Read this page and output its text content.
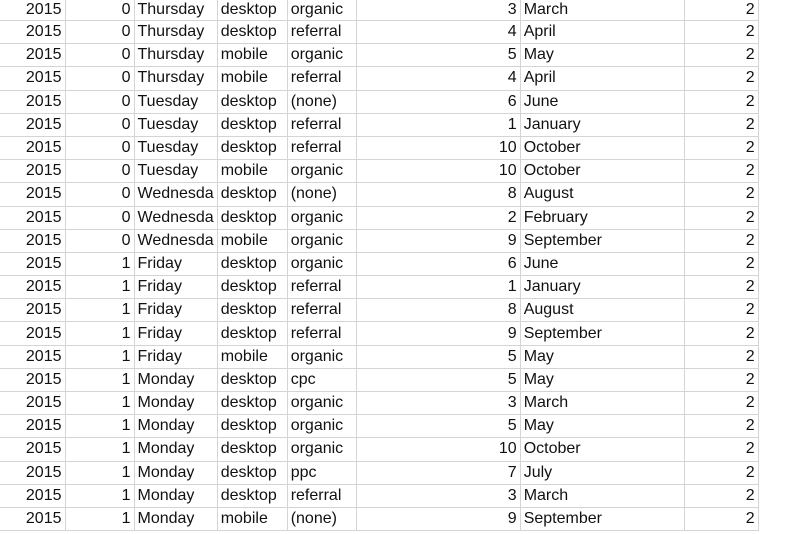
2015	0	Thursday	desktop	organic	3	March	2
2015	0	Thursday	desktop	referral	4	April	2
2015	0	Thursday	mobile	organic	5	May	2
2015	0	Thursday	mobile	referral	4	April	2
2015	0	Tuesday	desktop	(none)	6	June	2
2015	0	Tuesday	desktop	referral	1	January	2
2015	0	Tuesday	desktop	referral	10	October	2
2015	0	Tuesday	mobile	organic	10	October	2
2015	0	Wednesda	desktop	(none)	8	August	2
2015	0	Wednesda	desktop	organic	2	February	2
2015	0	Wednesda	mobile	organic	9	September	2
2015	1	Friday	desktop	organic	6	June	2
2015	1	Friday	desktop	referral	1	January	2
2015	1	Friday	desktop	referral	8	August	2
2015	1	Friday	desktop	referral	9	September	2
2015	1	Friday	mobile	organic	5	May	2
2015	1	Monday	desktop	cpc	5	May	2
2015	1	Monday	desktop	organic	3	March	2
2015	1	Monday	desktop	organic	5	May	2
2015	1	Monday	desktop	organic	10	October	2
2015	1	Monday	desktop	ppc	7	July	2
2015	1	Monday	desktop	referral	3	March	2
2015	1	Monday	mobile	(none)	9	September	2
